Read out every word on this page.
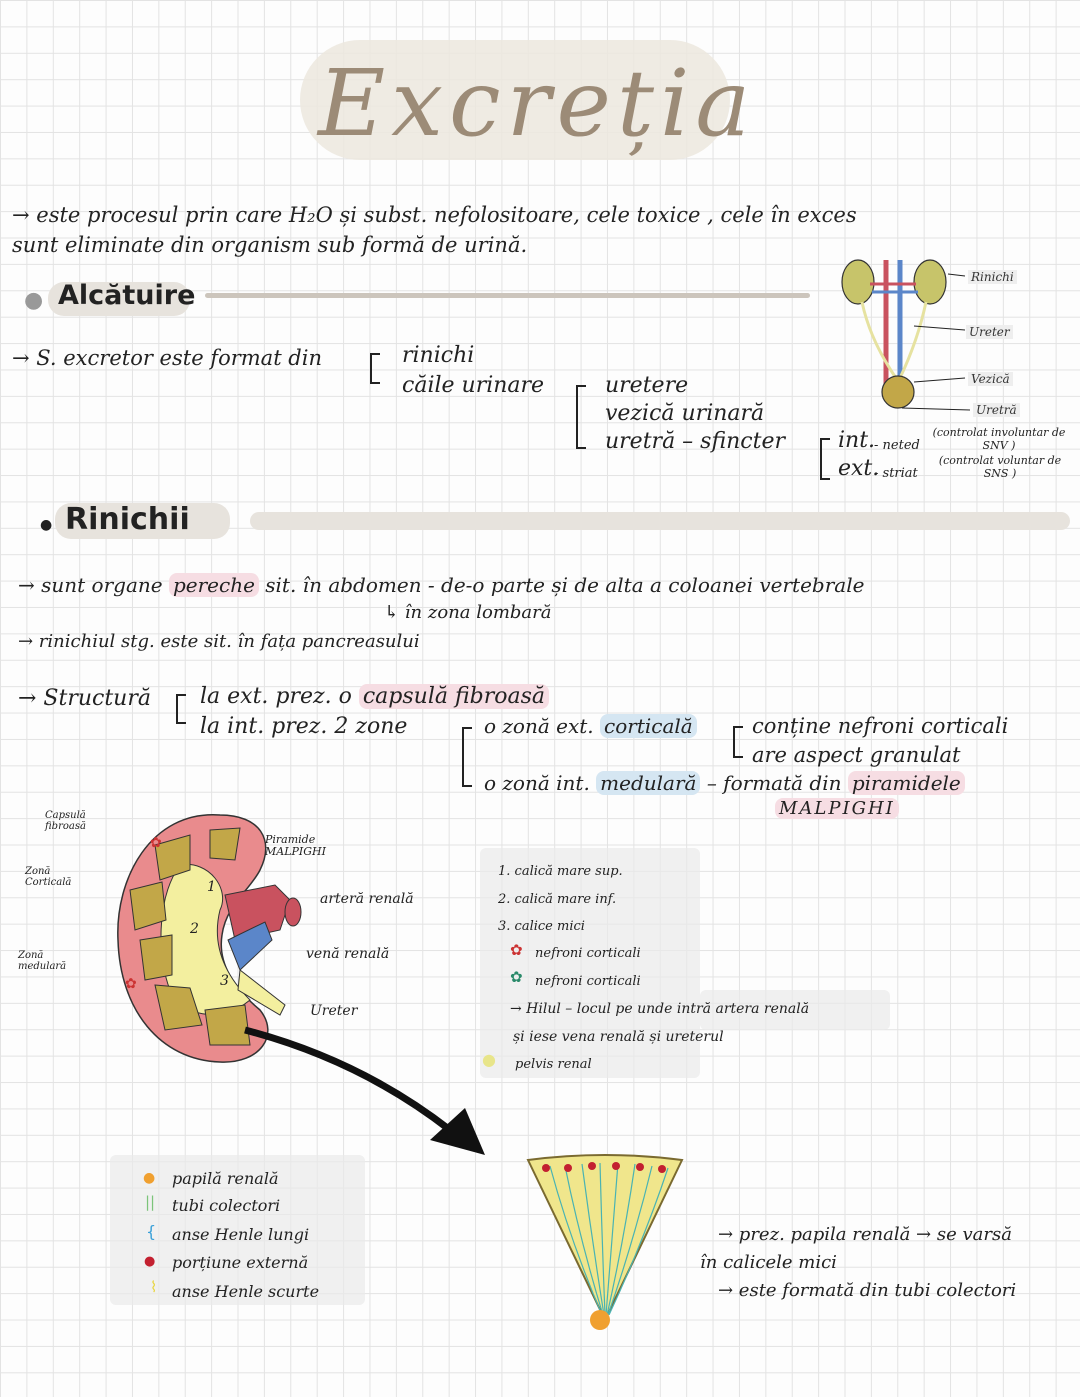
Excreția
→ este procesul prin care H₂O și subst. nefolositoare, cele toxice , cele în exces
sunt eliminate din organism sub formă de urină.
● Alcătuire
→ S. excretor este format din	rinichi
căile urinare	uretere
vezică urinară
uretră – sfincter int.
- neted
(controlat involuntar de SNV )
ext.
- striat
(controlat voluntar de SNS )
Rinichi
Ureter
Vezică
Uretră
● Rinichii
→ sunt organe pereche sit. în abdomen - de-o parte și de alta a coloanei vertebrale
↳ în zona lombară
→ rinichiul stg. este sit. în fața pancreasului
→ Structură la ext. prez. o capsulă fibroasă
la int. prez. 2 zone	o zonă ext. corticală	conține nefroni corticali
are aspect granulat
o zonă int. medulară – formată din piramidele
MALPIGHI
✿
✿
Capsulă fibroasă
Zonă Corticală
Zonă medulară
Piramide MALPIGHI
arteră renală
venă renală
Ureter
1
2
3
1. calică mare sup.
2. calică mare inf.
3. calice mici
✿ nefroni corticali
✿ nefroni corticali
→ Hilul – locul pe unde intră artera renală
și iese vena renală și ureterul
● pelvis renal
● papilă renală
|| tubi colectori
{ anse Henle lungi
● porțiune externă
⌇ anse Henle scurte
→ prez. papila renală → se varsă
în calicele mici
→ este formată din tubi colectori
